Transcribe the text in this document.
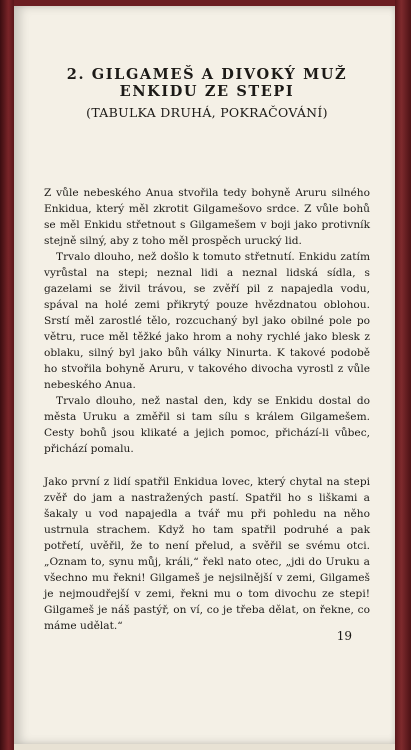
2. GILGAMEŠ A DIVOKÝ MUŽ
ENKIDU ZE STEPI
(TABULKA DRUHÁ, POKRAČOVÁNÍ)

Z vůle nebeského Anua stvořila tedy bohyně Aruru silného Enkidua, který měl zkrotit Gilgamešovo srdce. Z vůle bohů se měl Enkidu střetnout s Gilgamešem v boji jako protivník stejně silný, aby z toho měl prospěch urucký lid.

Trvalo dlouho, než došlo k tomuto střetnutí. Enkidu zatím vyrůstal na stepi; neznal lidi a neznal lidská sídla, s gazelami se živil trávou, se zvěří pil z napajedla vodu, spával na holé zemi přikrytý pouze hvězdnatou oblohou. Srstí měl zarostlé tělo, rozcuchaný byl jako obilné pole po větru, ruce měl těžké jako hrom a nohy rychlé jako blesk z oblaku, silný byl jako bůh války Ninurta. K takové podobě ho stvořila bohyně Aruru, v takového divocha vyrostl z vůle nebeského Anua.

Trvalo dlouho, než nastal den, kdy se Enkidu dostal do města Uruku a změřil si tam sílu s králem Gilgamešem. Cesty bohů jsou klikaté a jejich pomoc, přichází-li vůbec, přichází pomalu.

Jako první z lidí spatřil Enkidua lovec, který chytal na stepi zvěř do jam a nastražených pastí. Spatřil ho s liškami a šakaly u vod napajedla a tvář mu při pohledu na něho ustrnula strachem. Když ho tam spatřil podruhé a pak potřetí, uvěřil, že to není přelud, a svěřil se svému otci. „Oznam to, synu můj, králi,“ řekl nato otec, „jdi do Uruku a všechno mu řekni! Gilgameš je nejsilnější v zemi, Gilgameš je nejmoudřejší v zemi, řekni mu o tom divochu ze stepi! Gilgameš je náš pastýř, on ví, co je třeba dělat, on řekne, co máme udělat.“

19
